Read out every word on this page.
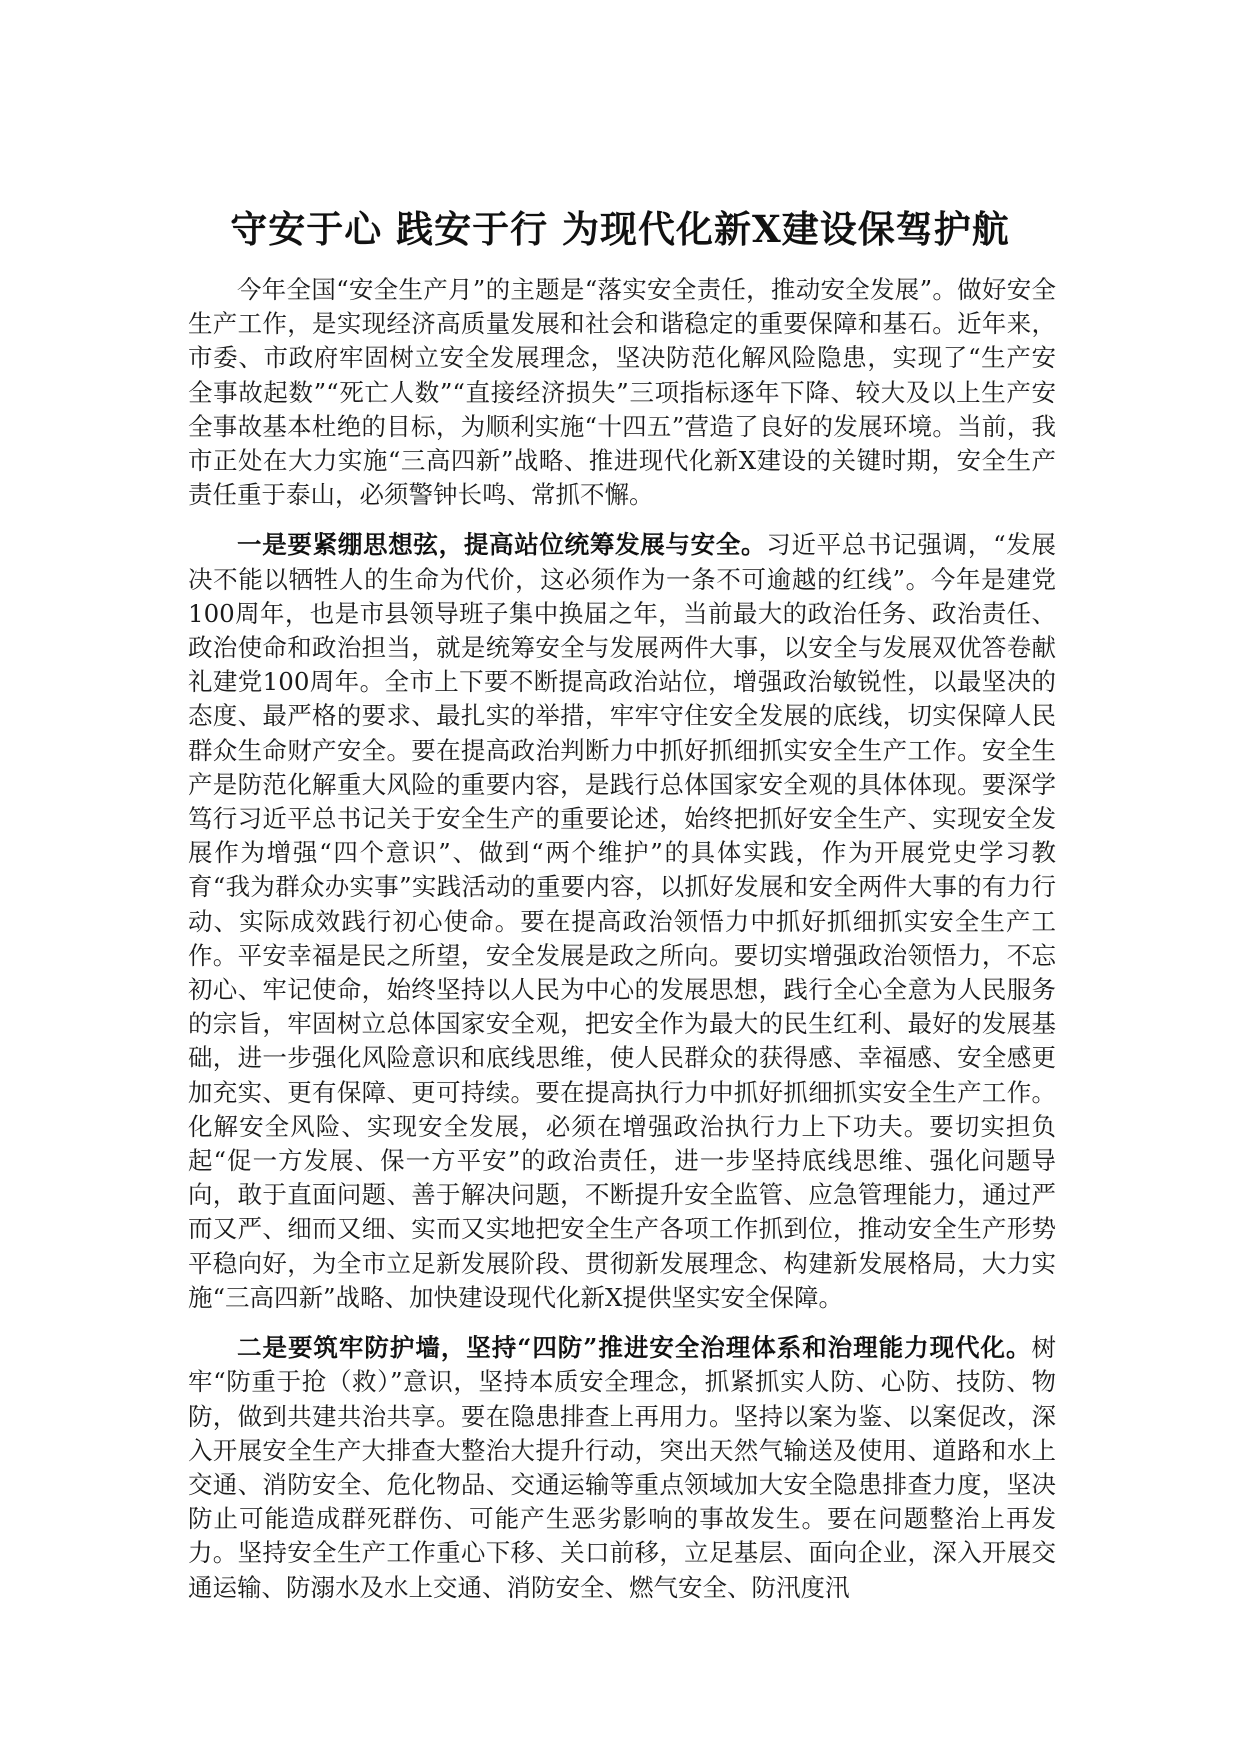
守安于心 践安于行 为现代化新X建设保驾护航

今年全国“安全生产月”的主题是“落实安全责任，推动安全发展”。做好安全生产工作，是实现经济高质量发展和社会和谐稳定的重要保障和基石。近年来，市委、市政府牢固树立安全发展理念，坚决防范化解风险隐患，实现了“生产安全事故起数”“死亡人数”“直接经济损失”三项指标逐年下降、较大及以上生产安全事故基本杜绝的目标，为顺利实施“十四五”营造了良好的发展环境。当前，我市正处在大力实施“三高四新”战略、推进现代化新X建设的关键时期，安全生产责任重于泰山，必须警钟长鸣、常抓不懈。

一是要紧绷思想弦，提高站位统筹发展与安全。习近平总书记强调，“发展决不能以牺牲人的生命为代价，这必须作为一条不可逾越的红线”。今年是建党100周年，也是市县领导班子集中换届之年，当前最大的政治任务、政治责任、政治使命和政治担当，就是统筹安全与发展两件大事，以安全与发展双优答卷献礼建党100周年。全市上下要不断提高政治站位，增强政治敏锐性，以最坚决的态度、最严格的要求、最扎实的举措，牢牢守住安全发展的底线，切实保障人民群众生命财产安全。要在提高政治判断力中抓好抓细抓实安全生产工作。安全生产是防范化解重大风险的重要内容，是践行总体国家安全观的具体体现。要深学笃行习近平总书记关于安全生产的重要论述，始终把抓好安全生产、实现安全发展作为增强“四个意识”、做到“两个维护”的具体实践，作为开展党史学习教育“我为群众办实事”实践活动的重要内容，以抓好发展和安全两件大事的有力行动、实际成效践行初心使命。要在提高政治领悟力中抓好抓细抓实安全生产工作。平安幸福是民之所望，安全发展是政之所向。要切实增强政治领悟力，不忘初心、牢记使命，始终坚持以人民为中心的发展思想，践行全心全意为人民服务的宗旨，牢固树立总体国家安全观，把安全作为最大的民生红利、最好的发展基础，进一步强化风险意识和底线思维，使人民群众的获得感、幸福感、安全感更加充实、更有保障、更可持续。要在提高执行力中抓好抓细抓实安全生产工作。化解安全风险、实现安全发展，必须在增强政治执行力上下功夫。要切实担负起“促一方发展、保一方平安”的政治责任，进一步坚持底线思维、强化问题导向，敢于直面问题、善于解决问题，不断提升安全监管、应急管理能力，通过严而又严、细而又细、实而又实地把安全生产各项工作抓到位，推动安全生产形势平稳向好，为全市立足新发展阶段、贯彻新发展理念、构建新发展格局，大力实施“三高四新”战略、加快建设现代化新X提供坚实安全保障。

二是要筑牢防护墙，坚持“四防”推进安全治理体系和治理能力现代化。树牢“防重于抢（救）”意识，坚持本质安全理念，抓紧抓实人防、心防、技防、物防，做到共建共治共享。要在隐患排查上再用力。坚持以案为鉴、以案促改，深入开展安全生产大排查大整治大提升行动，突出天然气输送及使用、道路和水上交通、消防安全、危化物品、交通运输等重点领域加大安全隐患排查力度，坚决防止可能造成群死群伤、可能产生恶劣影响的事故发生。要在问题整治上再发力。坚持安全生产工作重心下移、关口前移，立足基层、面向企业，深入开展交通运输、防溺水及水上交通、消防安全、燃气安全、防汛度汛
